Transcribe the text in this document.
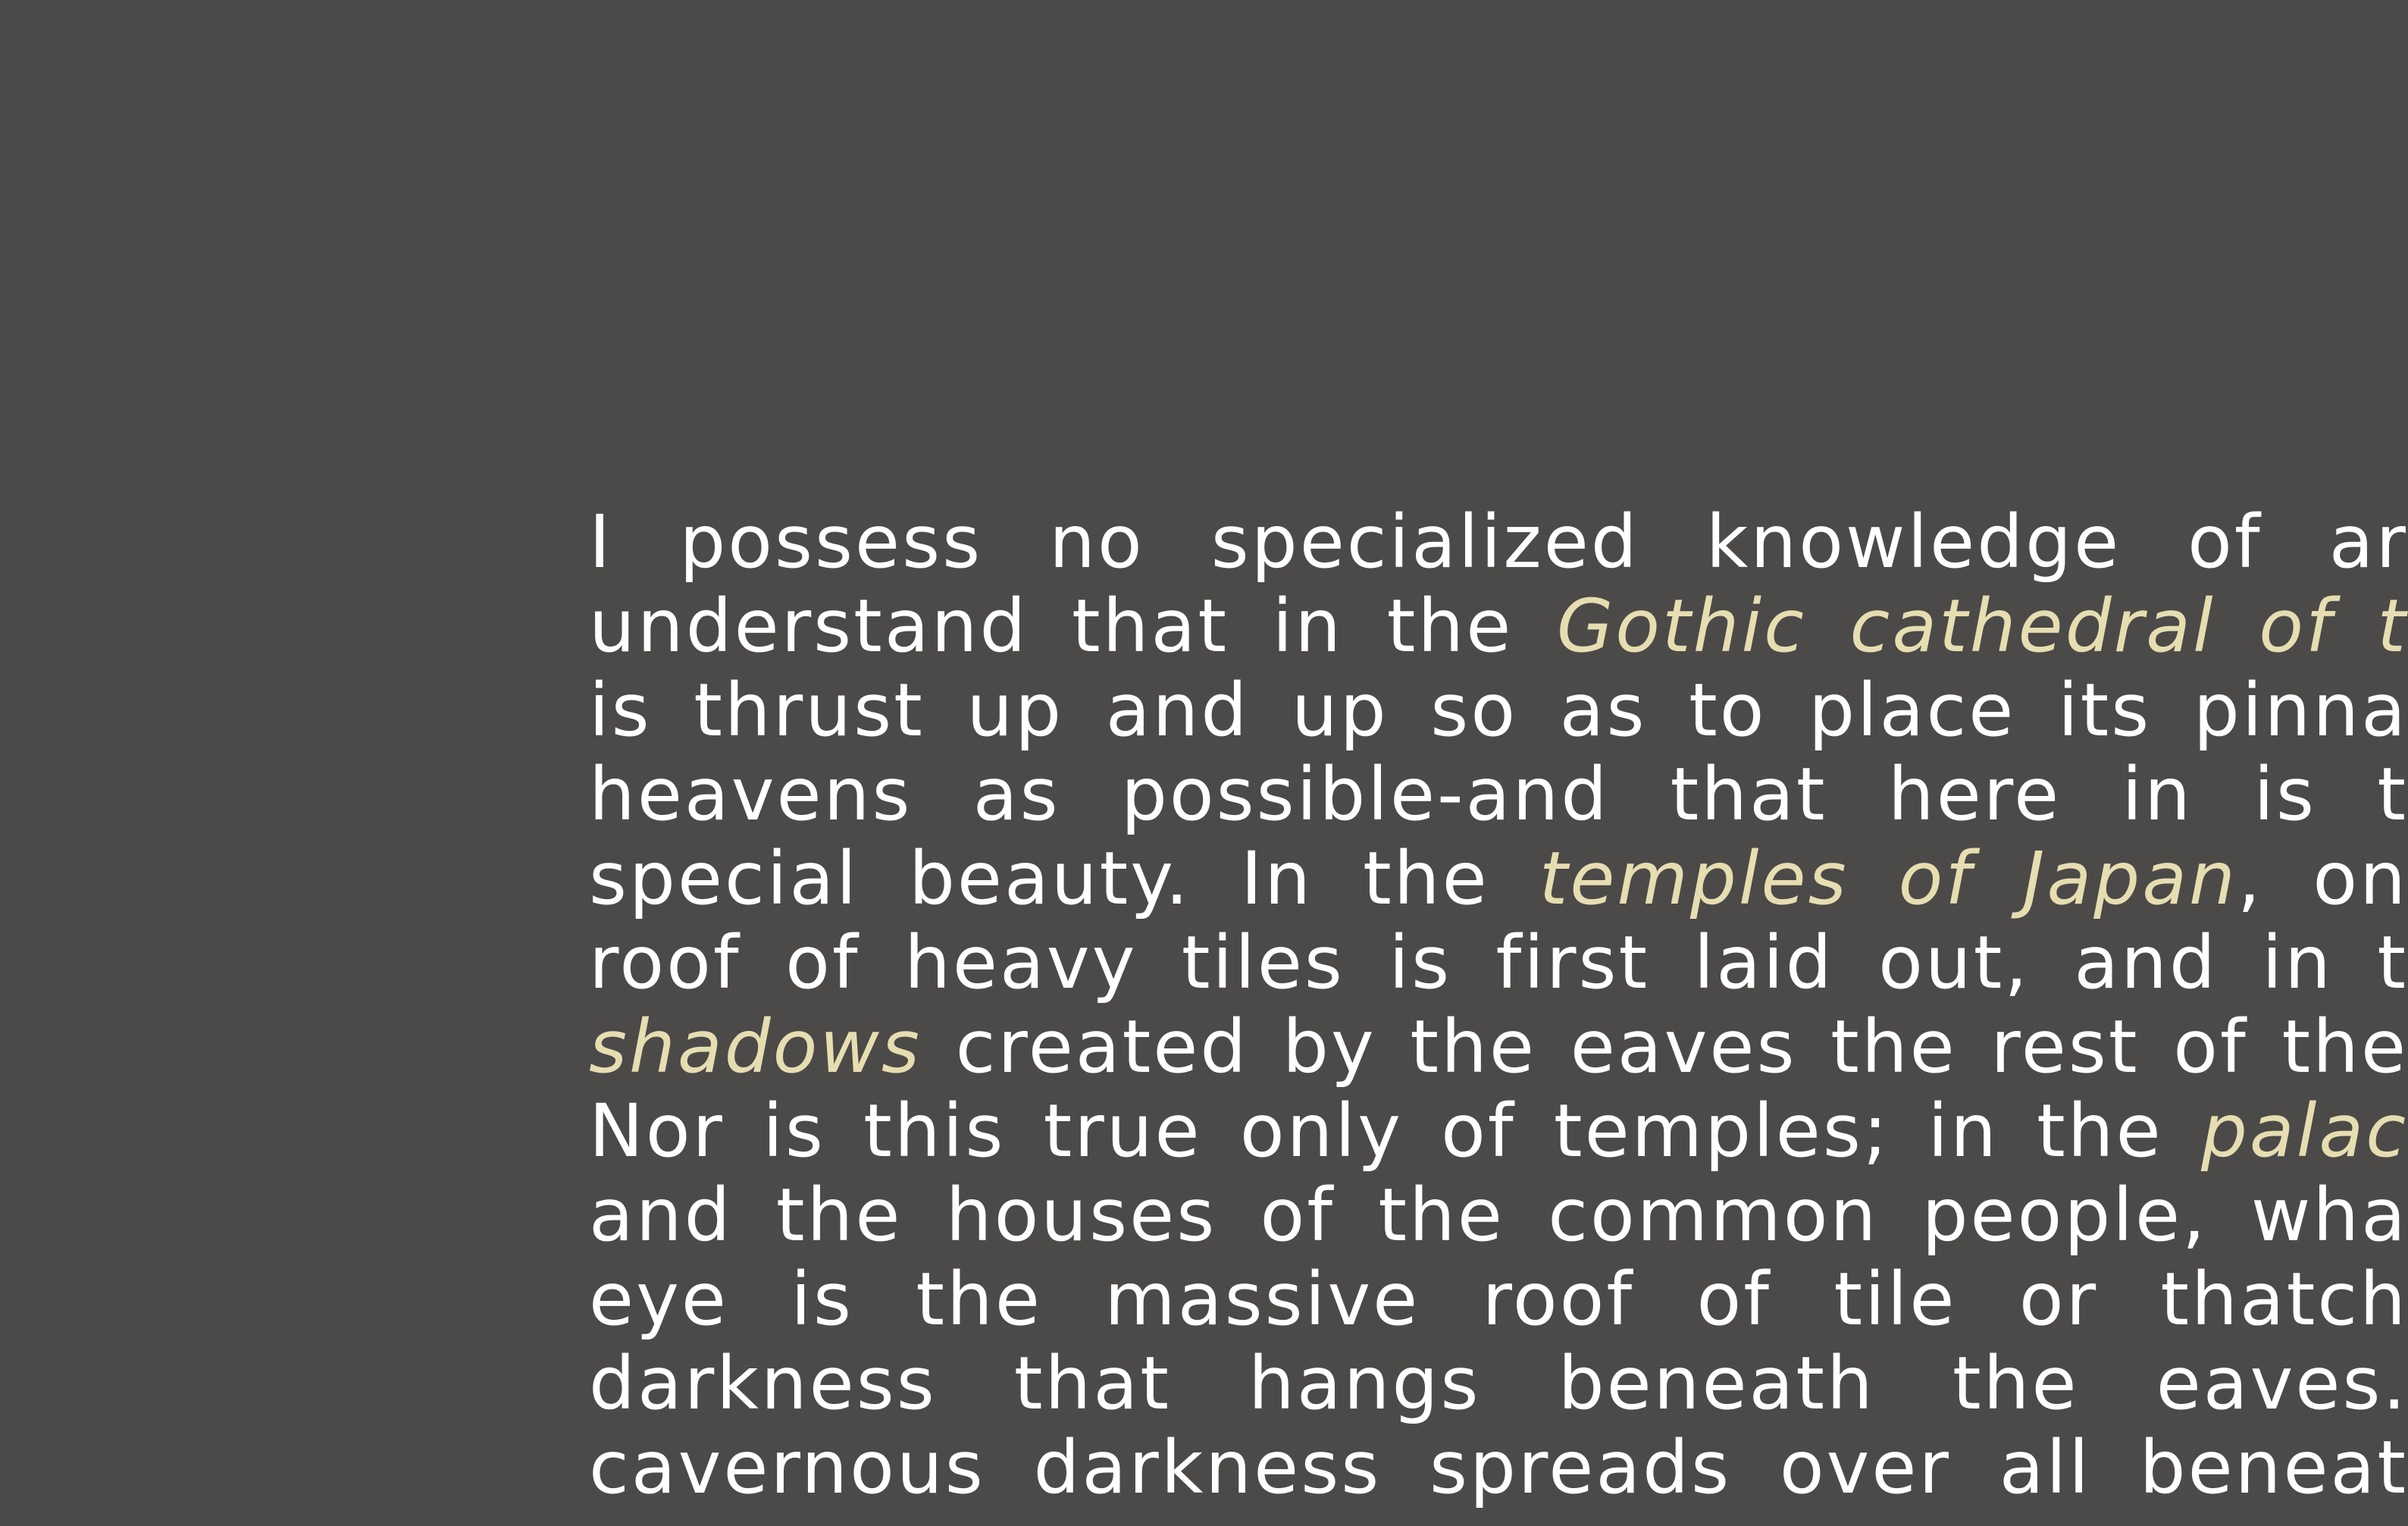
I possess no specialized knowledge of ar
understand that in the Gothic cathedral of t
is thrust up and up so as to place its pinna
heavens as possible-and that here in is t
special beauty. In the temples of Japan, on
roof of heavy tiles is first laid out, and in t
shadows created by the eaves the rest of the
Nor is this true only of temples; in the palac
and the houses of the common people, wha
eye is the massive roof of tile or thatch
darkness that hangs beneath the eaves.
cavernous darkness spreads over all beneat
